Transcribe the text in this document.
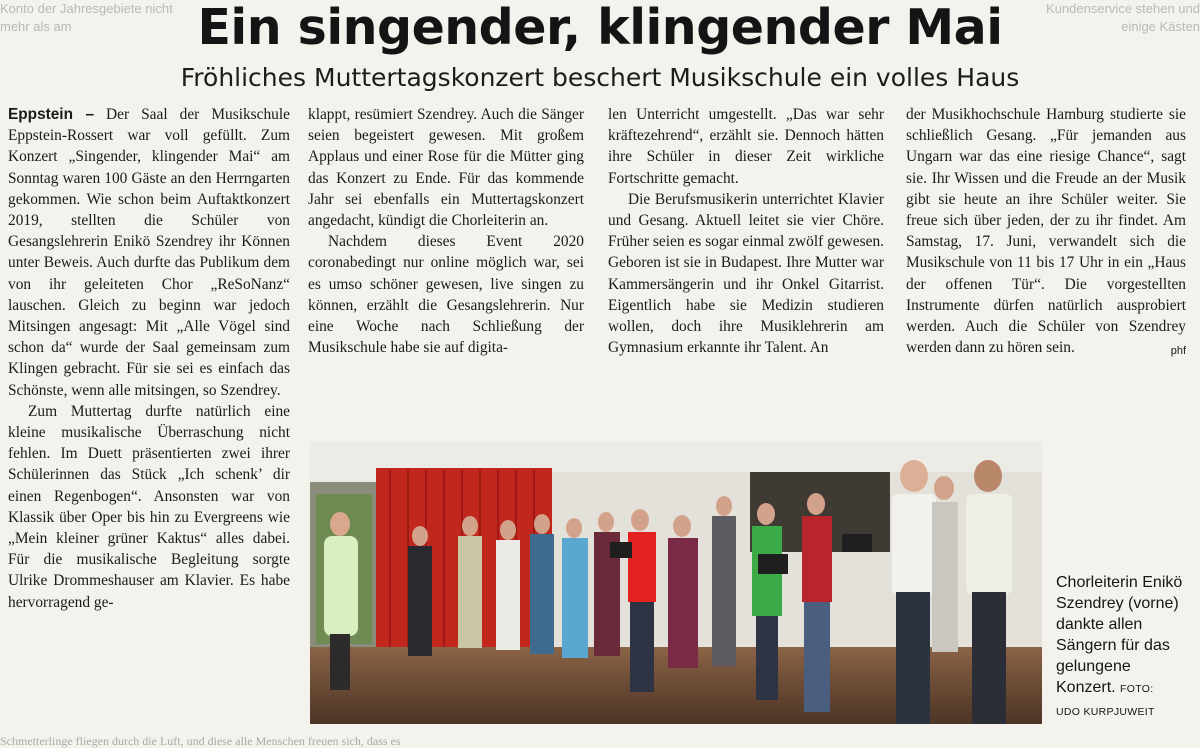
Konto der Jahresgebiete nicht mehr als am
Kundenservice stehen und einige Kästen
Ein singender, klingender Mai
Fröhliches Muttertagskonzert beschert Musikschule ein volles Haus

Eppstein – Der Saal der Musikschule Eppstein-Rossert war voll gefüllt. Zum Konzert „Singender, klingender Mai“ am Sonntag waren 100 Gäste an den Herrngarten gekommen. Wie schon beim Auftaktkonzert 2019, stellten die Schüler von Gesangslehrerin Enikö Szendrey ihr Können unter Beweis. Auch durfte das Publikum dem von ihr geleiteten Chor „ReSoNanz“ lauschen. Gleich zu beginn war jedoch Mitsingen angesagt: Mit „Alle Vögel sind schon da“ wurde der Saal gemeinsam zum Klingen gebracht. Für sie sei es einfach das Schönste, wenn alle mitsingen, so Szendrey.

Zum Muttertag durfte natürlich eine kleine musikalische Überraschung nicht fehlen. Im Duett präsentierten zwei ihrer Schülerinnen das Stück „Ich schenk’ dir einen Regenbogen“. Ansonsten war von Klassik über Oper bis hin zu Evergreens wie „Mein kleiner grüner Kaktus“ alles dabei. Für die musikalische Begleitung sorgte Ulrike Drommeshauser am Klavier. Es habe hervorragend ge-

klappt, resümiert Szendrey. Auch die Sänger seien begeistert gewesen. Mit großem Applaus und einer Rose für die Mütter ging das Konzert zu Ende. Für das kommende Jahr sei ebenfalls ein Muttertagskonzert angedacht, kündigt die Chorleiterin an.

Nachdem dieses Event 2020 coronabedingt nur online möglich war, sei es umso schöner gewesen, live singen zu können, erzählt die Gesangslehrerin. Nur eine Woche nach Schließung der Musikschule habe sie auf digita-

len Unterricht umgestellt. „Das war sehr kräftezehrend“, erzählt sie. Dennoch hätten ihre Schüler in dieser Zeit wirkliche Fortschritte gemacht.

Die Berufsmusikerin unterrichtet Klavier und Gesang. Aktuell leitet sie vier Chöre. Früher seien es sogar einmal zwölf gewesen. Geboren ist sie in Budapest. Ihre Mutter war Kammersängerin und ihr Onkel Gitarrist. Eigentlich habe sie Medizin studieren wollen, doch ihre Musiklehrerin am Gymnasium erkannte ihr Talent. An

der Musikhochschule Hamburg studierte sie schließlich Gesang. „Für jemanden aus Ungarn war das eine riesige Chance“, sagt sie. Ihr Wissen und die Freude an der Musik gibt sie heute an ihre Schüler weiter. Sie freue sich über jeden, der zu ihr findet. Am Samstag, 17. Juni, verwandelt sich die Musikschule von 11 bis 17 Uhr in ein „Haus der offenen Tür“. Die vorgestellten Instrumente dürfen natürlich ausprobiert werden. Auch die Schüler von Szendrey werden dann zu hören sein.	phf

Chorleiterin Enikö Szendrey (vorne) dankte allen Sängern für das gelungene Konzert. FOTO:
UDO KURPJUWEIT
Schmetterlinge fliegen durch die Luft, und diese alle Menschen freuen sich, dass es
